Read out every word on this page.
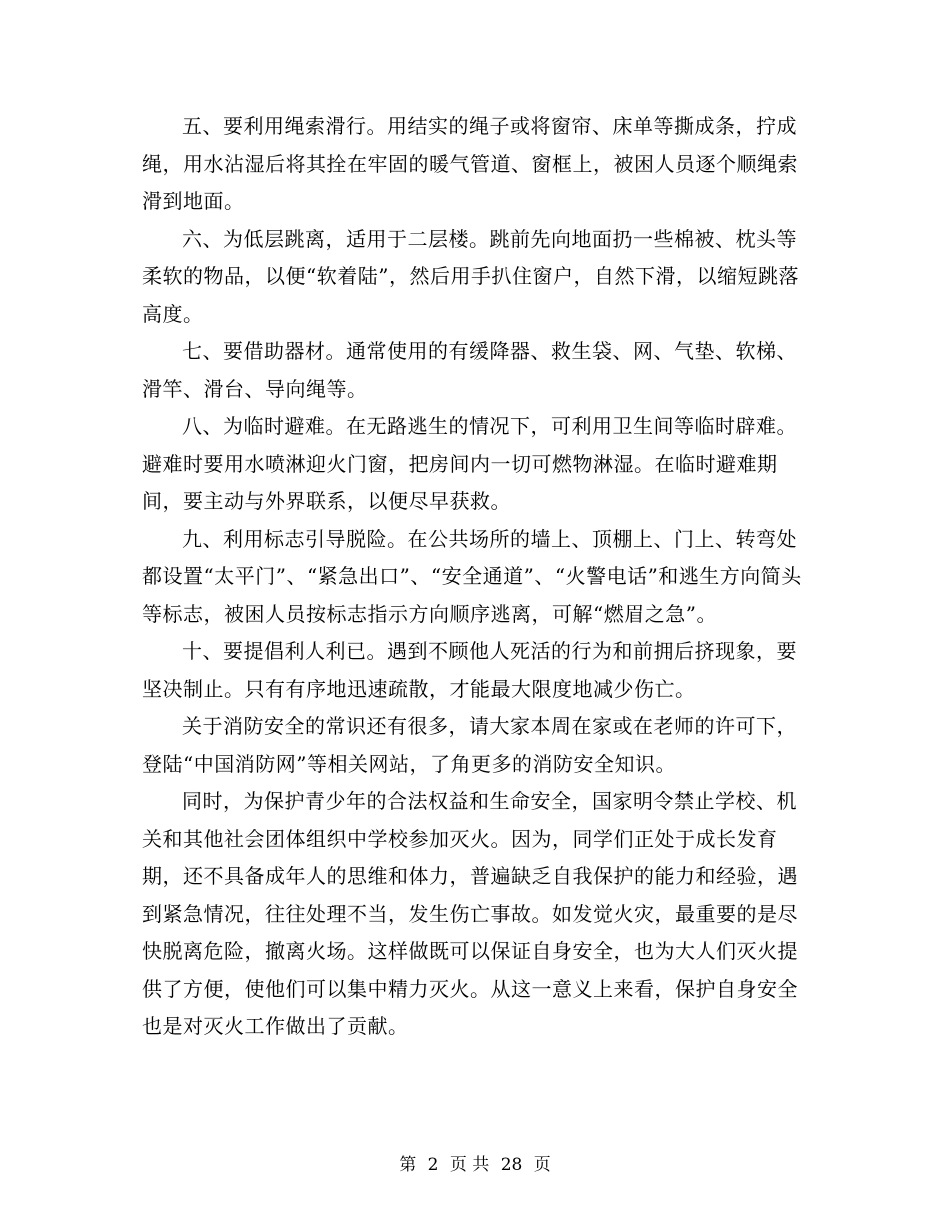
五、要利用绳索滑行。用结实的绳子或将窗帘、床单等撕成条，拧成绳，用水沾湿后将其拴在牢固的暖气管道、窗框上，被困人员逐个顺绳索滑到地面。

六、为低层跳离，适用于二层楼。跳前先向地面扔一些棉被、枕头等柔软的物品，以便“软着陆”，然后用手扒住窗户，自然下滑，以缩短跳落高度。

七、要借助器材。通常使用的有缓降器、救生袋、网、气垫、软梯、滑竿、滑台、导向绳等。

八、为临时避难。在无路逃生的情况下，可利用卫生间等临时辟难。避难时要用水喷淋迎火门窗，把房间内一切可燃物淋湿。在临时避难期间，要主动与外界联系，以便尽早获救。

九、利用标志引导脱险。在公共场所的墙上、顶棚上、门上、转弯处都设置“太平门”、“紧急出口”、“安全通道”、“火警电话”和逃生方向简头等标志，被困人员按标志指示方向顺序逃离，可解“燃眉之急”。

十、要提倡利人利已。遇到不顾他人死活的行为和前拥后挤现象，要坚决制止。只有有序地迅速疏散，才能最大限度地减少伤亡。

关于消防安全的常识还有很多，请大家本周在家或在老师的许可下，登陆“中国消防网”等相关网站，了角更多的消防安全知识。

同时，为保护青少年的合法权益和生命安全，国家明令禁止学校、机关和其他社会团体组织中学校参加灭火。因为，同学们正处于成长发育期，还不具备成年人的思维和体力，普遍缺乏自我保护的能力和经验，遇到紧急情况，往往处理不当，发生伤亡事故。如发觉火灾，最重要的是尽快脱离危险，撤离火场。这样做既可以保证自身安全，也为大人们灭火提供了方便，使他们可以集中精力灭火。从这一意义上来看，保护自身安全也是对灭火工作做出了贡献。

第 2 页 共 28 页
